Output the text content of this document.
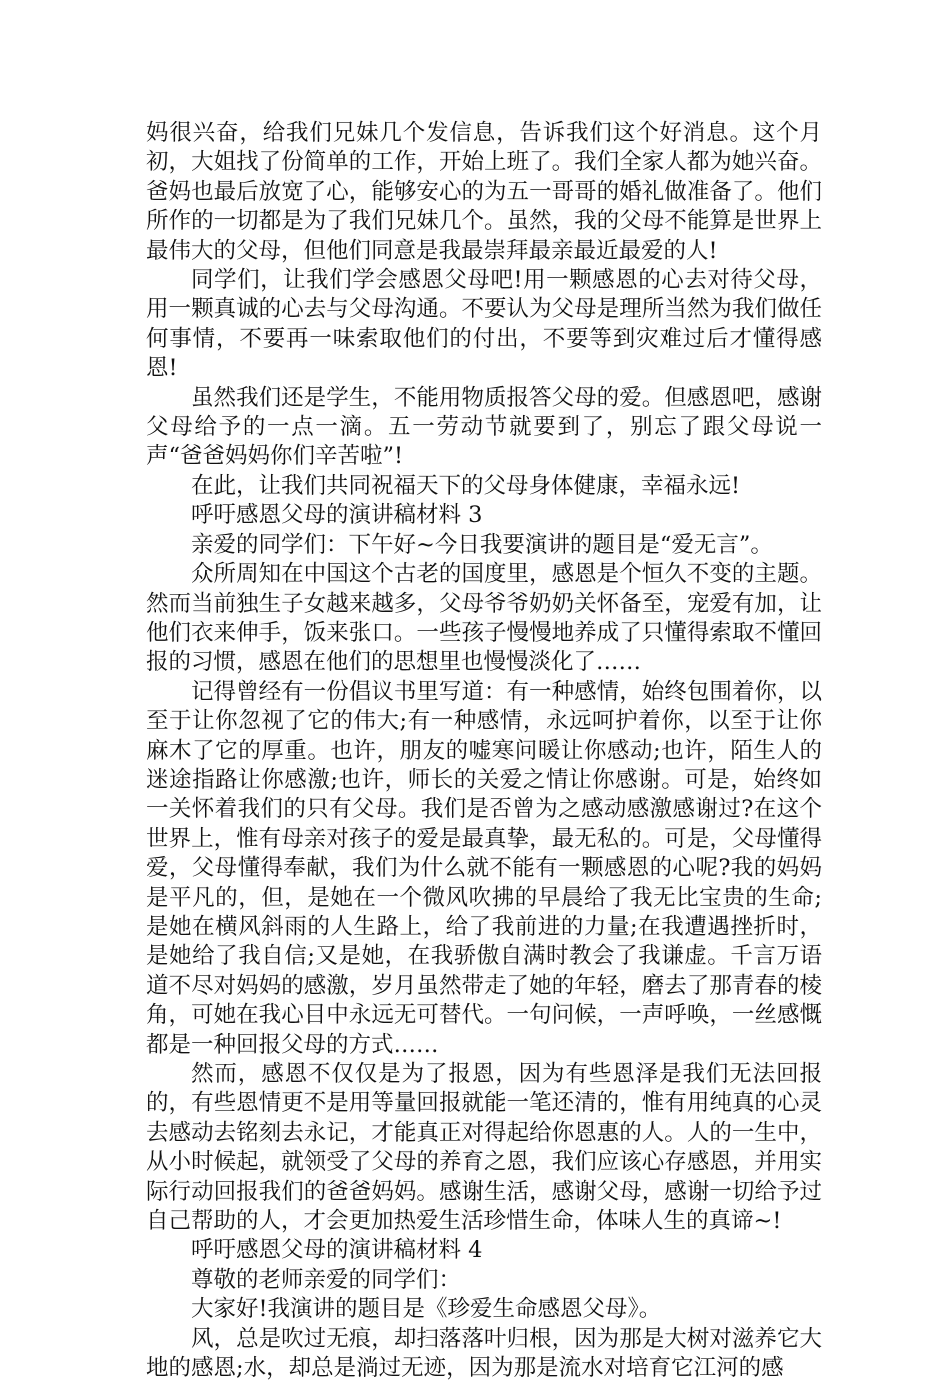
妈很兴奋，给我们兄妹几个发信息，告诉我们这个好消息。这个月初，大姐找了份简单的工作，开始上班了。我们全家人都为她兴奋。爸妈也最后放宽了心，能够安心的为五一哥哥的婚礼做准备了。他们所作的一切都是为了我们兄妹几个。虽然，我的父母不能算是世界上最伟大的父母，但他们同意是我最崇拜最亲最近最爱的人!

同学们，让我们学会感恩父母吧!用一颗感恩的心去对待父母，用一颗真诚的心去与父母沟通。不要认为父母是理所当然为我们做任何事情，不要再一味索取他们的付出，不要等到灾难过后才懂得感恩!

虽然我们还是学生，不能用物质报答父母的爱。但感恩吧，感谢父母给予的一点一滴。五一劳动节就要到了，别忘了跟父母说一声“爸爸妈妈你们辛苦啦”!

在此，让我们共同祝福天下的父母身体健康，幸福永远!

呼吁感恩父母的演讲稿材料 3

亲爱的同学们：下午好~今日我要演讲的题目是“爱无言”。

众所周知在中国这个古老的国度里，感恩是个恒久不变的主题。然而当前独生子女越来越多，父母爷爷奶奶关怀备至，宠爱有加，让他们衣来伸手，饭来张口。一些孩子慢慢地养成了只懂得索取不懂回报的习惯，感恩在他们的思想里也慢慢淡化了……

记得曾经有一份倡议书里写道：有一种感情，始终包围着你，以至于让你忽视了它的伟大;有一种感情，永远呵护着你，以至于让你麻木了它的厚重。也许，朋友的嘘寒问暖让你感动;也许，陌生人的迷途指路让你感激;也许，师长的关爱之情让你感谢。可是，始终如一关怀着我们的只有父母。我们是否曾为之感动感激感谢过?在这个世界上，惟有母亲对孩子的爱是最真挚，最无私的。可是，父母懂得爱，父母懂得奉献，我们为什么就不能有一颗感恩的心呢?我的妈妈是平凡的，但，是她在一个微风吹拂的早晨给了我无比宝贵的生命;是她在横风斜雨的人生路上，给了我前进的力量;在我遭遇挫折时，是她给了我自信;又是她，在我骄傲自满时教会了我谦虚。千言万语道不尽对妈妈的感激，岁月虽然带走了她的年轻，磨去了那青春的棱角，可她在我心目中永远无可替代。一句问候，一声呼唤，一丝感慨都是一种回报父母的方式……

然而，感恩不仅仅是为了报恩，因为有些恩泽是我们无法回报的，有些恩情更不是用等量回报就能一笔还清的，惟有用纯真的心灵去感动去铭刻去永记，才能真正对得起给你恩惠的人。人的一生中，从小时候起，就领受了父母的养育之恩，我们应该心存感恩，并用实际行动回报我们的爸爸妈妈。感谢生活，感谢父母，感谢一切给予过自己帮助的人，才会更加热爱生活珍惜生命，体味人生的真谛~!

呼吁感恩父母的演讲稿材料 4

尊敬的老师亲爱的同学们：

大家好!我演讲的题目是《珍爱生命感恩父母》。

风，总是吹过无痕，却扫落落叶归根，因为那是大树对滋养它大地的感恩;水，却总是淌过无迹，因为那是流水对培育它江河的感
